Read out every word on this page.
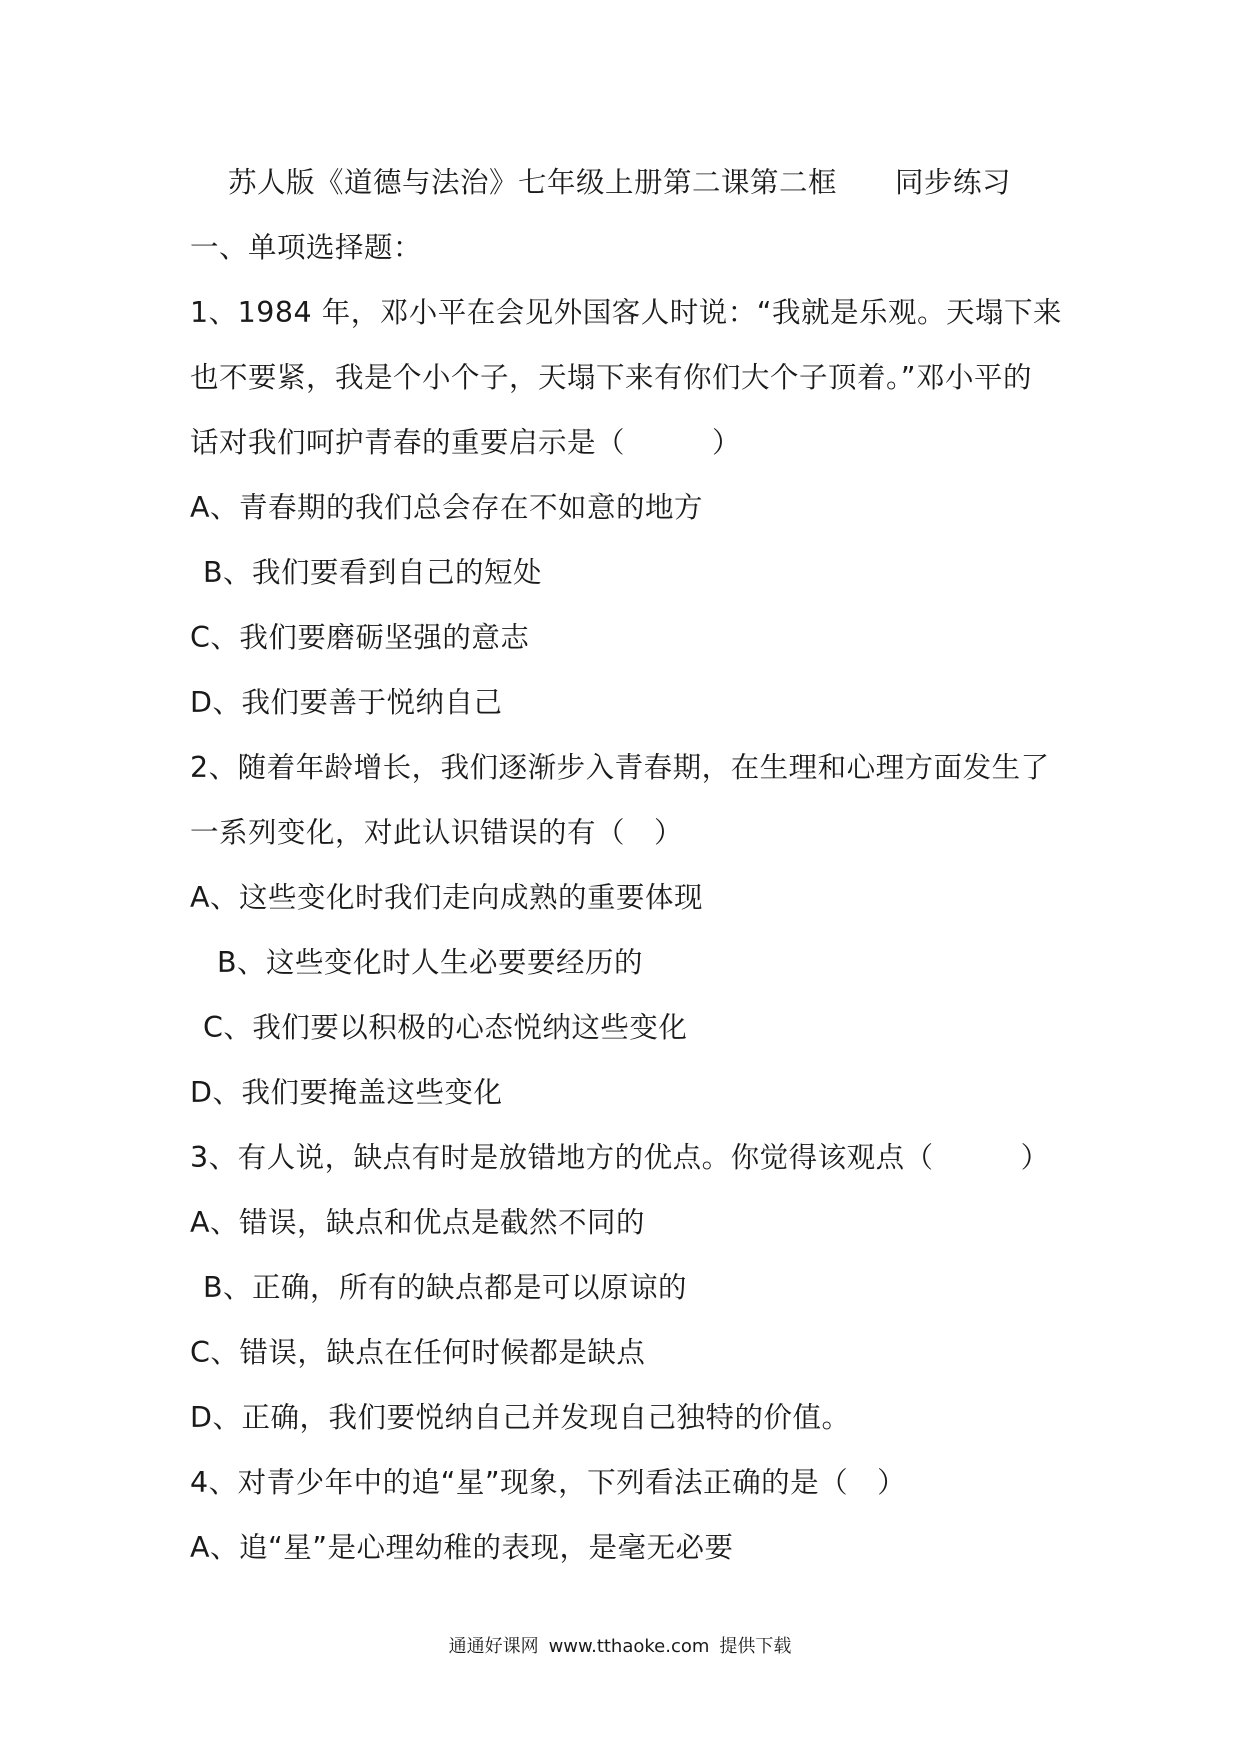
苏人版《道德与法治》七年级上册第二课第二框 同步练习
一、单项选择题：
1、1984 年，邓小平在会见外国客人时说：“我就是乐观。天塌下来
也不要紧，我是个小个子，天塌下来有你们大个子顶着。”邓小平的
话对我们呵护青春的重要启示是（　　　）
A、青春期的我们总会存在不如意的地方
B、我们要看到自己的短处
C、我们要磨砺坚强的意志
D、我们要善于悦纳自己
2、随着年龄增长，我们逐渐步入青春期，在生理和心理方面发生了
一系列变化，对此认识错误的有（　）
A、这些变化时我们走向成熟的重要体现
B、这些变化时人生必要要经历的
C、我们要以积极的心态悦纳这些变化
D、我们要掩盖这些变化
3、有人说，缺点有时是放错地方的优点。你觉得该观点（　　　）
A、错误，缺点和优点是截然不同的
B、正确，所有的缺点都是可以原谅的
C、错误，缺点在任何时候都是缺点
D、正确，我们要悦纳自己并发现自己独特的价值。
4、对青少年中的追“星”现象，下列看法正确的是（　）
A、追“星”是心理幼稚的表现，是毫无必要
通通好课网 www.tthaoke.com 提供下载
